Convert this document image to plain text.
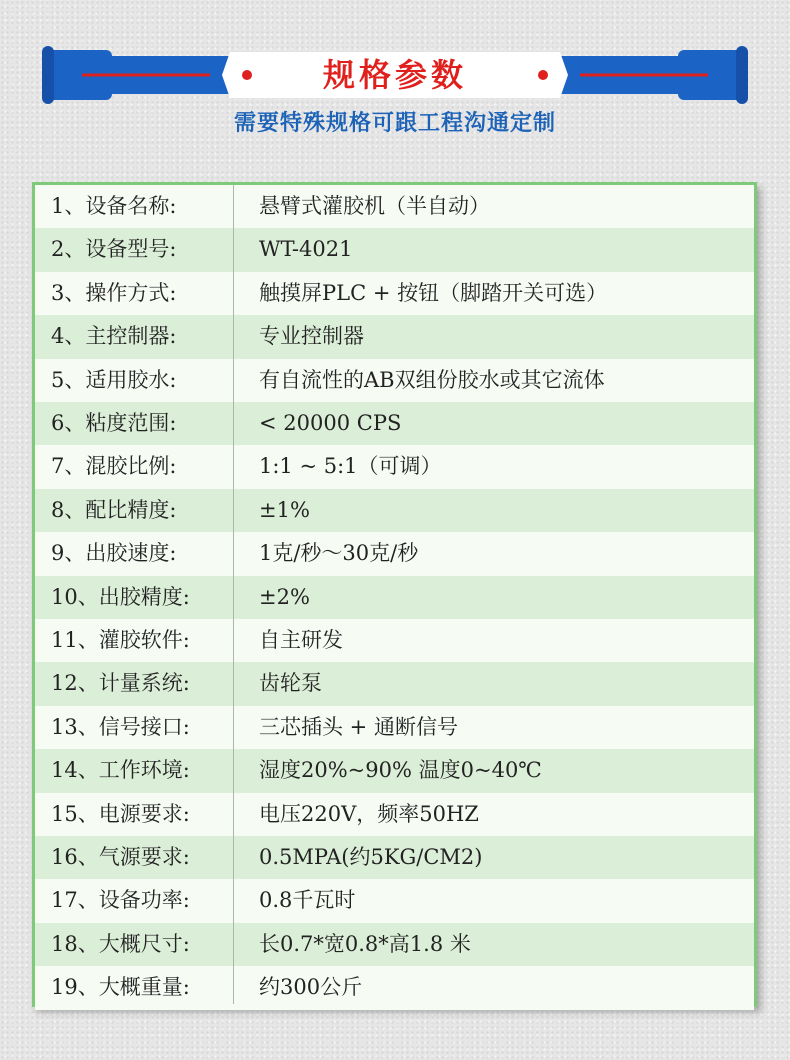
规格参数
需要特殊规格可跟工程沟通定制
1、设备名称:	悬臂式灌胶机（半自动）
2、设备型号:	WT-4021
3、操作方式:	触摸屏PLC + 按钮（脚踏开关可选）
4、主控制器:	专业控制器
5、适用胶水:	有自流性的AB双组份胶水或其它流体
6、粘度范围:	< 20000 CPS
7、混胶比例:	1:1 ~ 5:1（可调）
8、配比精度:	±1%
9、出胶速度:	1克/秒～30克/秒
10、出胶精度:	±2%
11、灌胶软件:	自主研发
12、计量系统:	齿轮泵
13、信号接口:	三芯插头 + 通断信号
14、工作环境:	湿度20%~90% 温度0~40℃
15、电源要求:	电压220V，频率50HZ
16、气源要求:	0.5MPA(约5KG/CM2)
17、设备功率:	0.8千瓦时
18、大概尺寸:	长0.7*宽0.8*高1.8 米
19、大概重量:	约300公斤
